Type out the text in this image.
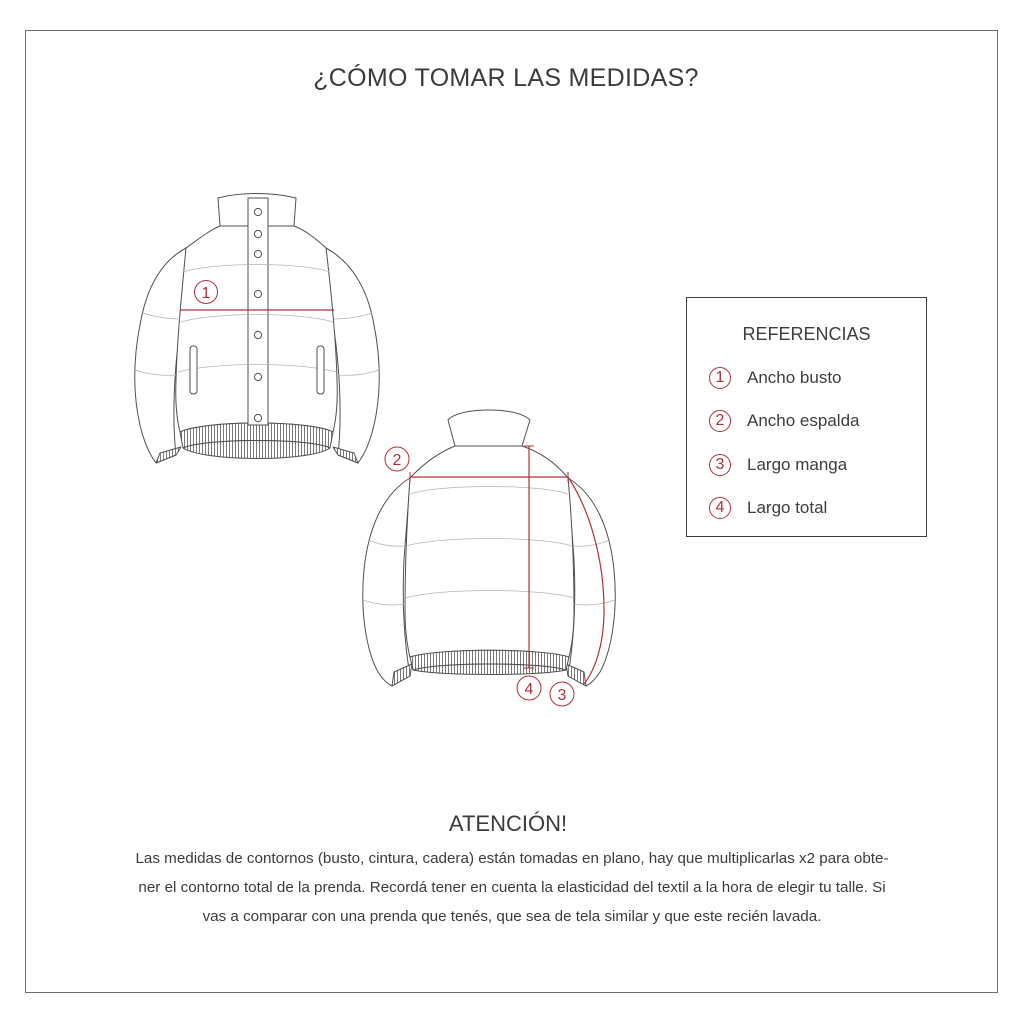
¿CÓMO TOMAR LAS MEDIDAS?
1
2
4 3
REFERENCIAS
1	Ancho busto
2	Ancho espalda
3	Largo manga
4	Largo total
ATENCIÓN!
Las medidas de contornos (busto, cintura, cadera) están tomadas en plano, hay que multiplicarlas x2 para obte-
ner el contorno total de la prenda. Recordá tener en cuenta la elasticidad del textil a la hora de elegir tu talle. Si
vas a comparar con una prenda que tenés, que sea de tela similar y que este recién lavada.
